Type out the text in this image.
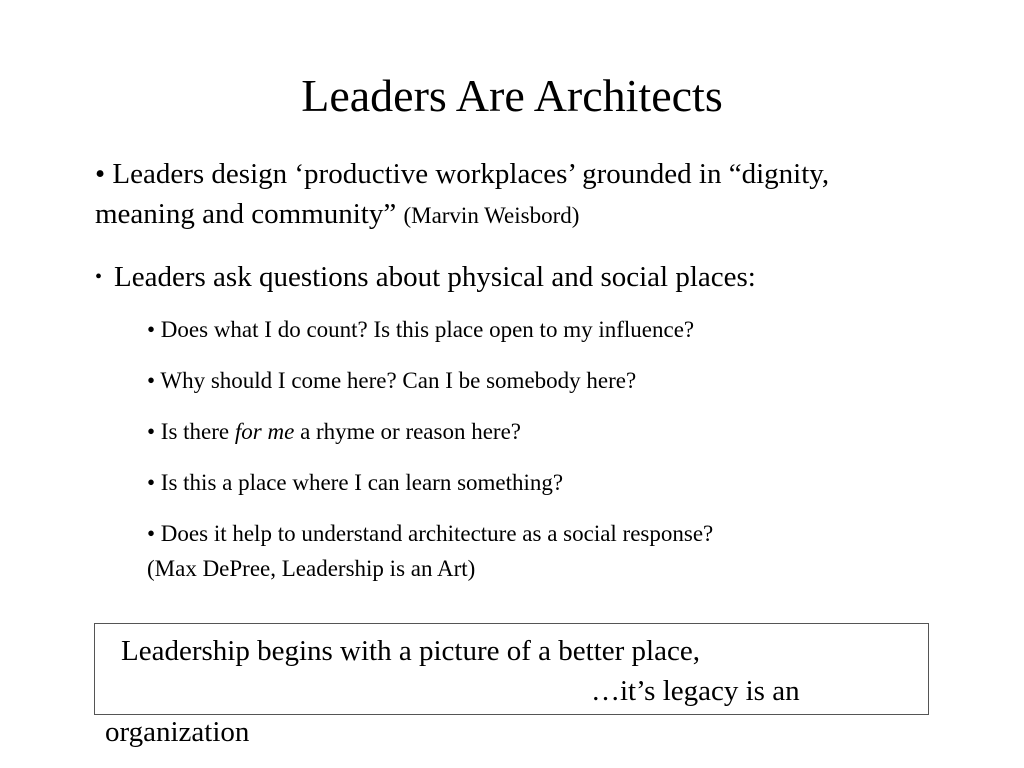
Leaders Are Architects
• Leaders design ‘productive workplaces’ grounded in “dignity,
meaning and community” (Marvin Weisbord)
• Leaders ask questions about physical and social places:
• Does what I do count? Is this place open to my influence?
• Why should I come here? Can I be somebody here?
• Is there for me a rhyme or reason here?
• Is this a place where I can learn something?
• Does it help to understand architecture as a social response?
(Max DePree, Leadership is an Art)
Leadership begins with a picture of a better place,
…it’s legacy is an
organization
